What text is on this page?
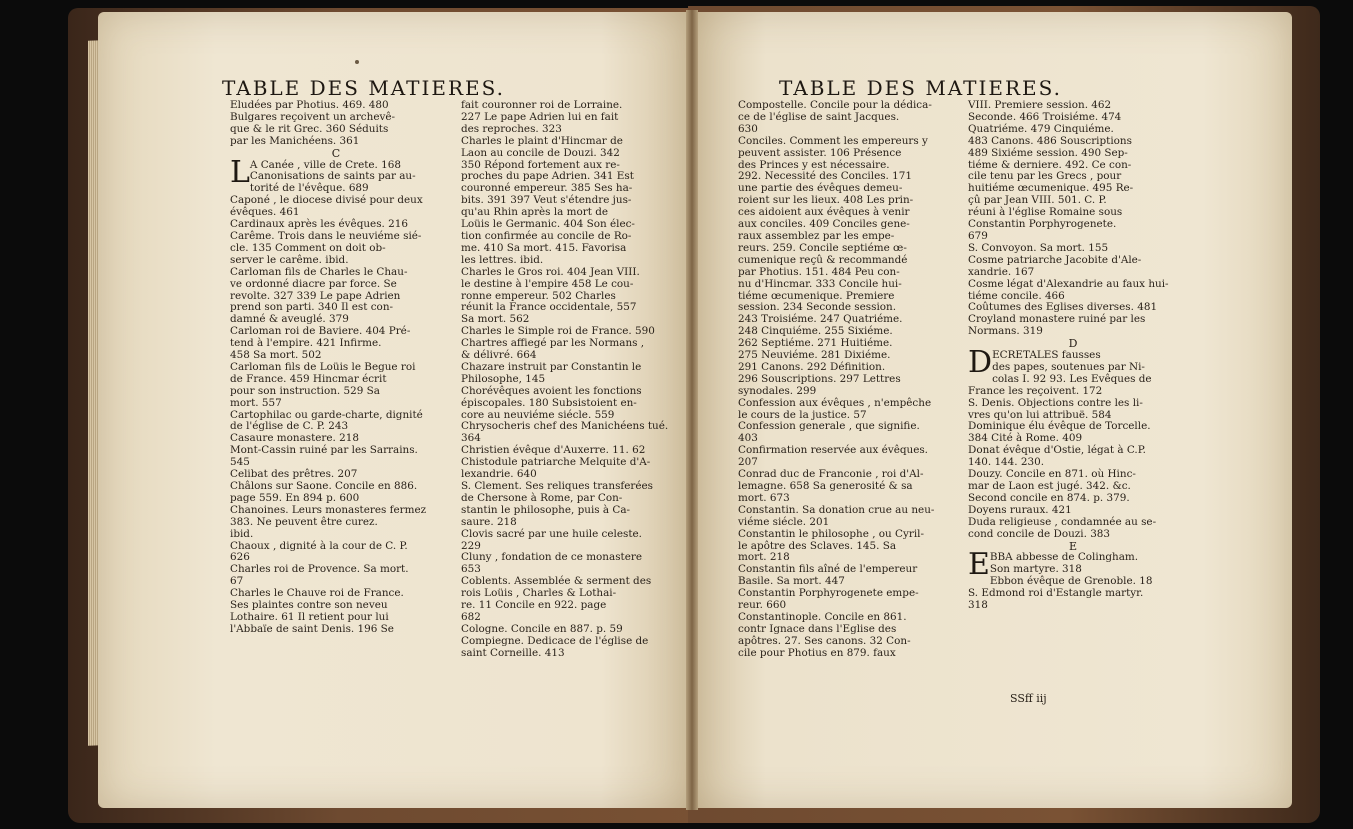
TABLE DES MATIERES.	TABLE DES MATIERES.

Eludées par Photius. 469. 480

Bulgares reçoivent un archevê-

que & le rit Grec. 360 Séduits

par les Manichéens. 361

C

L A Canée , ville de Crete. 168

Canonisations de saints par au-

torité de l'évêque. 689

Caponé , le diocese divisé pour deux

évêques. 461

Cardinaux après les évêques. 216

Carême. Trois dans le neuviéme sié-

cle. 135 Comment on doit ob-

server le carême. ibid.

Carloman fils de Charles le Chau-

ve ordonné diacre par force. Se

revolte. 327 339 Le pape Adrien

prend son parti. 340 Il est con-

damné & aveuglé. 379

Carloman roi de Baviere. 404 Pré-

tend à l'empire. 421 Infirme.

458 Sa mort. 502

Carloman fils de Loüis le Begue roi

de France. 459 Hincmar écrit

pour son instruction. 529 Sa

mort. 557

Cartophilac ou garde-charte, dignité

de l'église de C. P. 243

Casaure monastere. 218

Mont-Cassin ruiné par les Sarrains.

545

Celibat des prêtres. 207

Châlons sur Saone. Concile en 886.

page 559. En 894 p. 600

Chanoines. Leurs monasteres fermez

383. Ne peuvent être curez.

ibid.

Chaoux , dignité à la cour de C. P.

626

Charles roi de Provence. Sa mort.

67

Charles le Chauve roi de France.

Ses plaintes contre son neveu

Lothaire. 61 Il retient pour lui

l'Abbaïe de saint Denis. 196 Se

fait couronner roi de Lorraine.

227 Le pape Adrien lui en fait

des reproches. 323

Charles le plaint d'Hincmar de

Laon au concile de Douzi. 342

350 Répond fortement aux re-

proches du pape Adrien. 341 Est

couronné empereur. 385 Ses ha-

bits. 391 397 Veut s'étendre jus-

qu'au Rhin après la mort de

Loüis le Germanic. 404 Son élec-

tion confirmée au concile de Ro-

me. 410 Sa mort. 415. Favorisa

les lettres. ibid.

Charles le Gros roi. 404 Jean VIII.

le destine à l'empire 458 Le cou-

ronne empereur. 502 Charles

réunit la France occidentale, 557

Sa mort. 562

Charles le Simple roi de France. 590

Chartres affiegé par les Normans ,

& délivré. 664

Chazare instruit par Constantin le

Philosophe, 145

Chorévêques avoient les fonctions

épiscopales. 180 Subsistoient en-

core au neuviéme siécle. 559

Chrysocheris chef des Manichéens tué.

364

Christien évêque d'Auxerre. 11. 62

Chistodule patriarche Melquite d'A-

lexandrie. 640

S. Clement. Ses reliques transferées

de Chersone à Rome, par Con-

stantin le philosophe, puis à Ca-

saure. 218

Clovis sacré par une huile celeste.

229

Cluny , fondation de ce monastere

653

Coblents. Assemblée & serment des

rois Loüis , Charles & Lothai-

re. 11 Concile en 922. page

682

Cologne. Concile en 887. p. 59

Compiegne. Dedicace de l'église de

saint Corneille. 413

Compostelle. Concile pour la dédica-

ce de l'église de saint Jacques.

630

Conciles. Comment les empereurs y

peuvent assister. 106 Présence

des Princes y est nécessaire.

292. Necessité des Conciles. 171

une partie des évêques demeu-

roient sur les lieux. 408 Les prin-

ces aidoient aux évêques à venir

aux conciles. 409 Conciles gene-

raux assemblez par les empe-

reurs. 259. Concile septiéme œ-

cumenique reçû & recommandé

par Photius. 151. 484 Peu con-

nu d'Hincmar. 333 Concile hui-

tiéme œcumenique. Premiere

session. 234 Seconde session.

243 Troisiéme. 247 Quatriéme.

248 Cinquiéme. 255 Sixiéme.

262 Septiéme. 271 Huitiéme.

275 Neuviéme. 281 Dixiéme.

291 Canons. 292 Définition.

296 Souscriptions. 297 Lettres

synodales. 299

Confession aux évêques , n'empêche

le cours de la justice. 57

Confession generale , que signifie.

403

Confirmation reservée aux évêques.

207

Conrad duc de Franconie , roi d'Al-

lemagne. 658 Sa generosité & sa

mort. 673

Constantin. Sa donation crue au neu-

viéme siécle. 201

Constantin le philosophe , ou Cyril-

le apôtre des Sclaves. 145. Sa

mort. 218

Constantin fils aîné de l'empereur

Basile. Sa mort. 447

Constantin Porphyrogenete empe-

reur. 660

Constantinople. Concile en 861.

contr Ignace dans l'Eglise des

apôtres. 27. Ses canons. 32 Con-

cile pour Photius en 879. faux

VIII. Premiere session. 462

Seconde. 466 Troisiéme. 474

Quatriéme. 479 Cinquiéme.

483 Canons. 486 Souscriptions

489 Sixiéme session. 490 Sep-

tiéme & derniere. 492. Ce con-

cile tenu par les Grecs , pour

huitiéme œcumenique. 495 Re-

çû par Jean VIII. 501. C. P.

réuni à l'église Romaine sous

Constantin Porphyrogenete.

679

S. Convoyon. Sa mort. 155

Cosme patriarche Jacobite d'Ale-

xandrie. 167

Cosme légat d'Alexandrie au faux hui-

tiéme concile. 466

Coûtumes des Eglises diverses. 481

Croyland monastere ruiné par les

Normans. 319

D

D ECRETALES fausses

des papes, soutenues par Ni-

colas I. 92 93. Les Evêques de

France les reçoivent. 172

S. Denis. Objections contre les li-

vres qu'on lui attribuë. 584

Dominique élu évêque de Torcelle.

384 Cité à Rome. 409

Donat évêque d'Ostie, légat à C.P.

140. 144. 230.

Douzy. Concile en 871. où Hinc-

mar de Laon est jugé. 342. &c.

Second concile en 874. p. 379.

Doyens ruraux. 421

Duda religieuse , condamnée au se-

cond concile de Douzi. 383

E

E BBA abbesse de Colingham.

Son martyre. 318

Ebbon évêque de Grenoble. 18

S. Edmond roi d'Estangle martyr.

318

SSff iij
